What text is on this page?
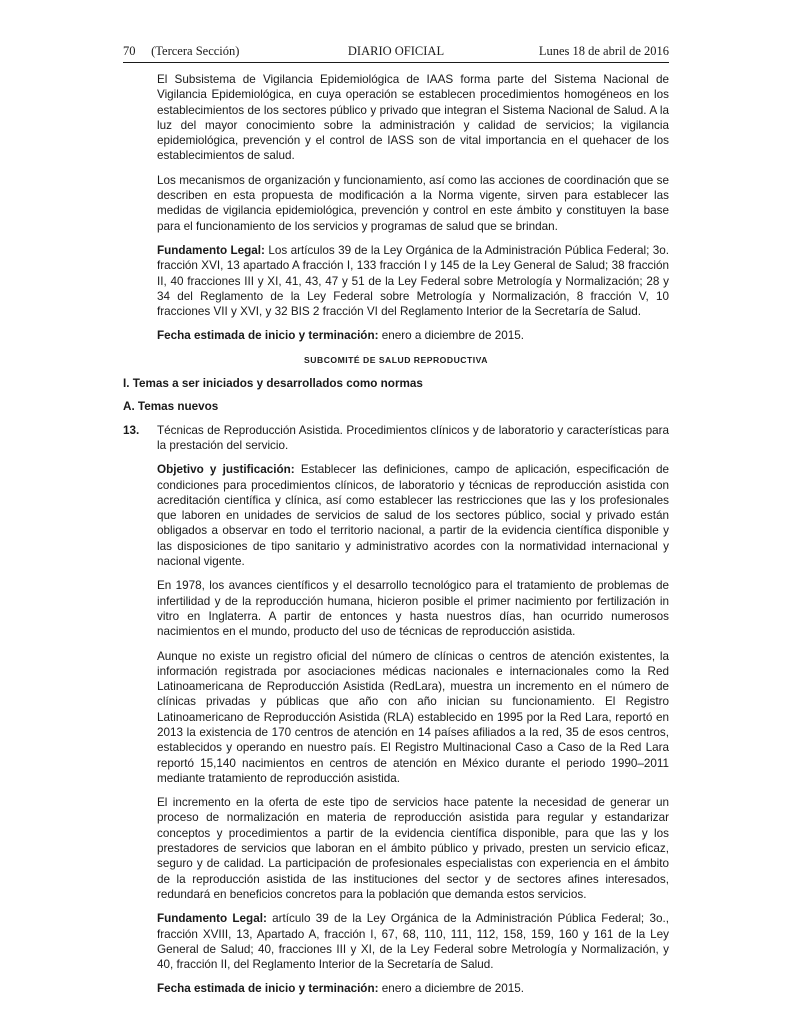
70     (Tercera Sección)	DIARIO OFICIAL	Lunes 18 de abril de 2016

El Subsistema de Vigilancia Epidemiológica de IAAS forma parte del Sistema Nacional de Vigilancia Epidemiológica, en cuya operación se establecen procedimientos homogéneos en los establecimientos de los sectores público y privado que integran el Sistema Nacional de Salud. A la luz del mayor conocimiento sobre la administración y calidad de servicios; la vigilancia epidemiológica, prevención y el control de IASS son de vital importancia en el quehacer de los establecimientos de salud.

Los mecanismos de organización y funcionamiento, así como las acciones de coordinación que se describen en esta propuesta de modificación a la Norma vigente, sirven para establecer las medidas de vigilancia epidemiológica, prevención y control en este ámbito y constituyen la base para el funcionamiento de los servicios y programas de salud que se brindan.

Fundamento Legal: Los artículos 39 de la Ley Orgánica de la Administración Pública Federal; 3o. fracción XVI, 13 apartado A fracción I, 133 fracción I y 145 de la Ley General de Salud; 38 fracción II, 40 fracciones III y XI, 41, 43, 47 y 51 de la Ley Federal sobre Metrología y Normalización; 28 y 34 del Reglamento de la Ley Federal sobre Metrología y Normalización, 8 fracción V, 10 fracciones VII y XVI, y 32 BIS 2 fracción VI del Reglamento Interior de la Secretaría de Salud.

Fecha estimada de inicio y terminación: enero a diciembre de 2015.

SUBCOMITÉ DE SALUD REPRODUCTIVA
I. Temas a ser iniciados y desarrollados como normas
A. Temas nuevos
13. Técnicas de Reproducción Asistida. Procedimientos clínicos y de laboratorio y características para la prestación del servicio.

Objetivo y justificación: Establecer las definiciones, campo de aplicación, especificación de condiciones para procedimientos clínicos, de laboratorio y técnicas de reproducción asistida con acreditación científica y clínica, así como establecer las restricciones que las y los profesionales que laboren en unidades de servicios de salud de los sectores público, social y privado están obligados a observar en todo el territorio nacional, a partir de la evidencia científica disponible y las disposiciones de tipo sanitario y administrativo acordes con la normatividad internacional y nacional vigente.

En 1978, los avances científicos y el desarrollo tecnológico para el tratamiento de problemas de infertilidad y de la reproducción humana, hicieron posible el primer nacimiento por fertilización in vitro en Inglaterra. A partir de entonces y hasta nuestros días, han ocurrido numerosos nacimientos en el mundo, producto del uso de técnicas de reproducción asistida.

Aunque no existe un registro oficial del número de clínicas o centros de atención existentes, la información registrada por asociaciones médicas nacionales e internacionales como la Red Latinoamericana de Reproducción Asistida (RedLara), muestra un incremento en el número de clínicas privadas y públicas que año con año inician su funcionamiento. El Registro Latinoamericano de Reproducción Asistida (RLA) establecido en 1995 por la Red Lara, reportó en 2013 la existencia de 170 centros de atención en 14 países afiliados a la red, 35 de esos centros, establecidos y operando en nuestro país. El Registro Multinacional Caso a Caso de la Red Lara reportó 15,140 nacimientos en centros de atención en México durante el periodo 1990–2011 mediante tratamiento de reproducción asistida.

El incremento en la oferta de este tipo de servicios hace patente la necesidad de generar un proceso de normalización en materia de reproducción asistida para regular y estandarizar conceptos y procedimientos a partir de la evidencia científica disponible, para que las y los prestadores de servicios que laboran en el ámbito público y privado, presten un servicio eficaz, seguro y de calidad. La participación de profesionales especialistas con experiencia en el ámbito de la reproducción asistida de las instituciones del sector y de sectores afines interesados, redundará en beneficios concretos para la población que demanda estos servicios.

Fundamento Legal: artículo 39 de la Ley Orgánica de la Administración Pública Federal; 3o., fracción XVIII, 13, Apartado A, fracción I, 67, 68, 110, 111, 112, 158, 159, 160 y 161 de la Ley General de Salud; 40, fracciones III y XI, de la Ley Federal sobre Metrología y Normalización, y 40, fracción II, del Reglamento Interior de la Secretaría de Salud.

Fecha estimada de inicio y terminación: enero a diciembre de 2015.
